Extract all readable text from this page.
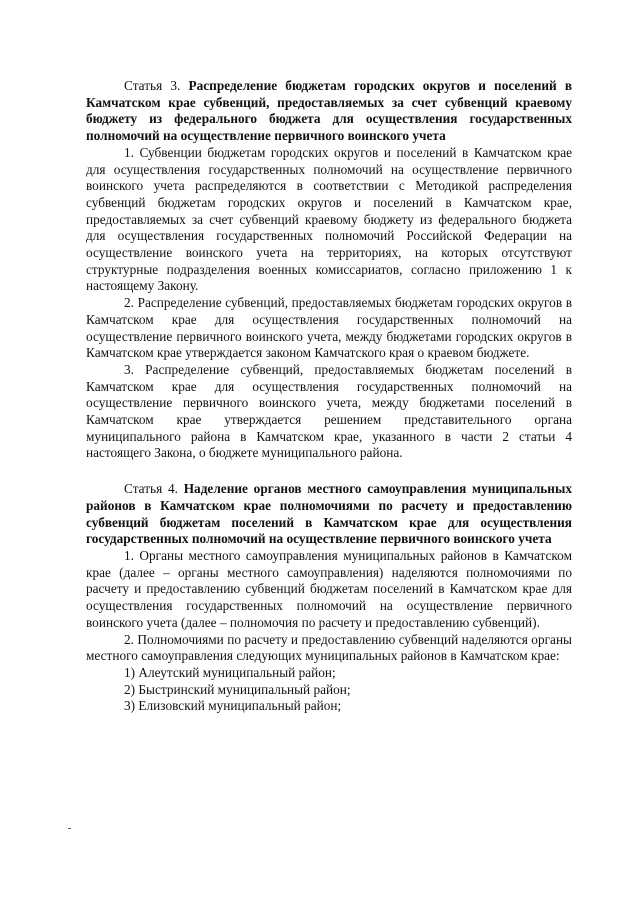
Статья 3. Распределение бюджетам городских округов и поселений в Камчатском крае субвенций, предоставляемых за счет субвенций краевому бюджету из федерального бюджета для осуществления государственных полномочий на осуществление первичного воинского учета

1. Субвенции бюджетам городских округов и поселений в Камчатском крае для осуществления государственных полномочий на осуществление первичного воинского учета распределяются в соответствии с Методикой распределения субвенций бюджетам городских округов и поселений в Камчатском крае, предоставляемых за счет субвенций краевому бюджету из федерального бюджета для осуществления государственных полномочий Российской Федерации на осуществление воинского учета на территориях, на которых отсутствуют структурные подразделения военных комиссариатов, согласно приложению 1 к настоящему Закону.

2. Распределение субвенций, предоставляемых бюджетам городских округов в Камчатском крае для осуществления государственных полномочий на осуществление первичного воинского учета, между бюджетами городских округов в Камчатском крае утверждается законом Камчатского края о краевом бюджете.

3. Распределение субвенций, предоставляемых бюджетам поселений в Камчатском крае для осуществления государственных полномочий на осуществление первичного воинского учета, между бюджетами поселений в Камчатском крае утверждается решением представительного органа муниципального района в Камчатском крае, указанного в части 2 статьи 4 настоящего Закона, о бюджете муниципального района.

Статья 4. Наделение органов местного самоуправления муниципальных районов в Камчатском крае полномочиями по расчету и предоставлению субвенций бюджетам поселений в Камчатском крае для осуществления государственных полномочий на осуществление первичного воинского учета

1. Органы местного самоуправления муниципальных районов в Камчатском крае (далее – органы местного самоуправления) наделяются полномочиями по расчету и предоставлению субвенций бюджетам поселений в Камчатском крае для осуществления государственных полномочий на осуществление первичного воинского учета (далее – полномочия по расчету и предоставлению субвенций).

2. Полномочиями по расчету и предоставлению субвенций наделяются органы местного самоуправления следующих муниципальных районов в Камчатском крае:

1) Алеутский муниципальный район;

2) Быстринский муниципальный район;

3) Елизовский муниципальный район;
